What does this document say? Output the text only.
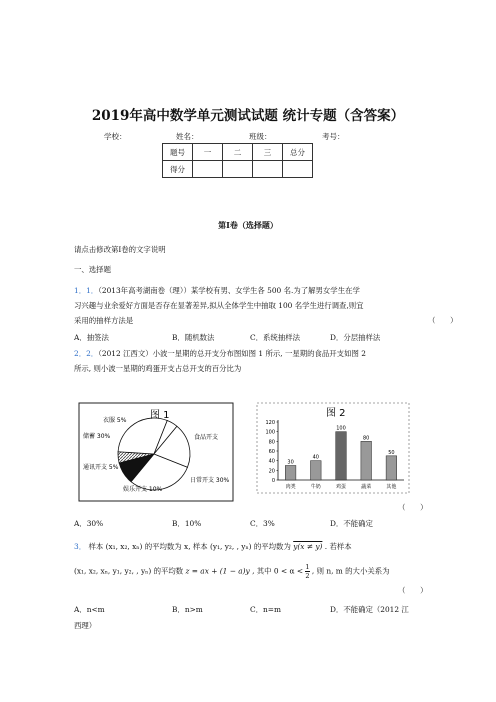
2019年高中数学单元测试试题 统计专题（含答案）
学校：	姓名：	班级：	考号：
题号	一	二	三	总分
得分				
第I卷（选择题）
请点击修改第I卷的文字说明
一、选择题
1．1．（2013年高考湖南卷（理））某学校有男、女学生各 500 名.为了解男女学生在学
习兴趣与业余爱好方面是否存在显著差异,拟从全体学生中抽取 100 名学生进行调查,则宜
采用的抽样方法是	（　　）
A．抽签法	B．随机数法	C．系统抽样法	D．分层抽样法
2．2．（2012 江西文）小波一星期的总开支分布图如图 1 所示, 一星期的食品开支如图 2
所示, 则小波一星期的鸡蛋开支占总开支的百分比为
图 1
食品开支
日常开支 30%
娱乐开支 10%
通讯开支 5%
储蓄 30%
衣服 5%
图 2
0
20
40
60
80
100
120
30
肉类
40
牛奶
100
鸡蛋
80
蔬菜
50
其他
（　　）
A．30%	B．10%	C．3%	D．不能确定
3． 样本 (x₁, x₂, xₙ) 的平均数为 x, 样本 (y₁, y₂, , yₙ) 的平均数为 y(x ≠ y) . 若样本
(x₁, x₂, xₙ, y₁, y₂, , yₙ) 的平均数 z = ax + (1 − a)y , 其中 $0 < \alpha < \frac{1}{2}$ , 则 n, m 的大小关系为
（　　）
A．n<m	B．n>m	C．n=m	D．不能确定（2012 江
西理）
